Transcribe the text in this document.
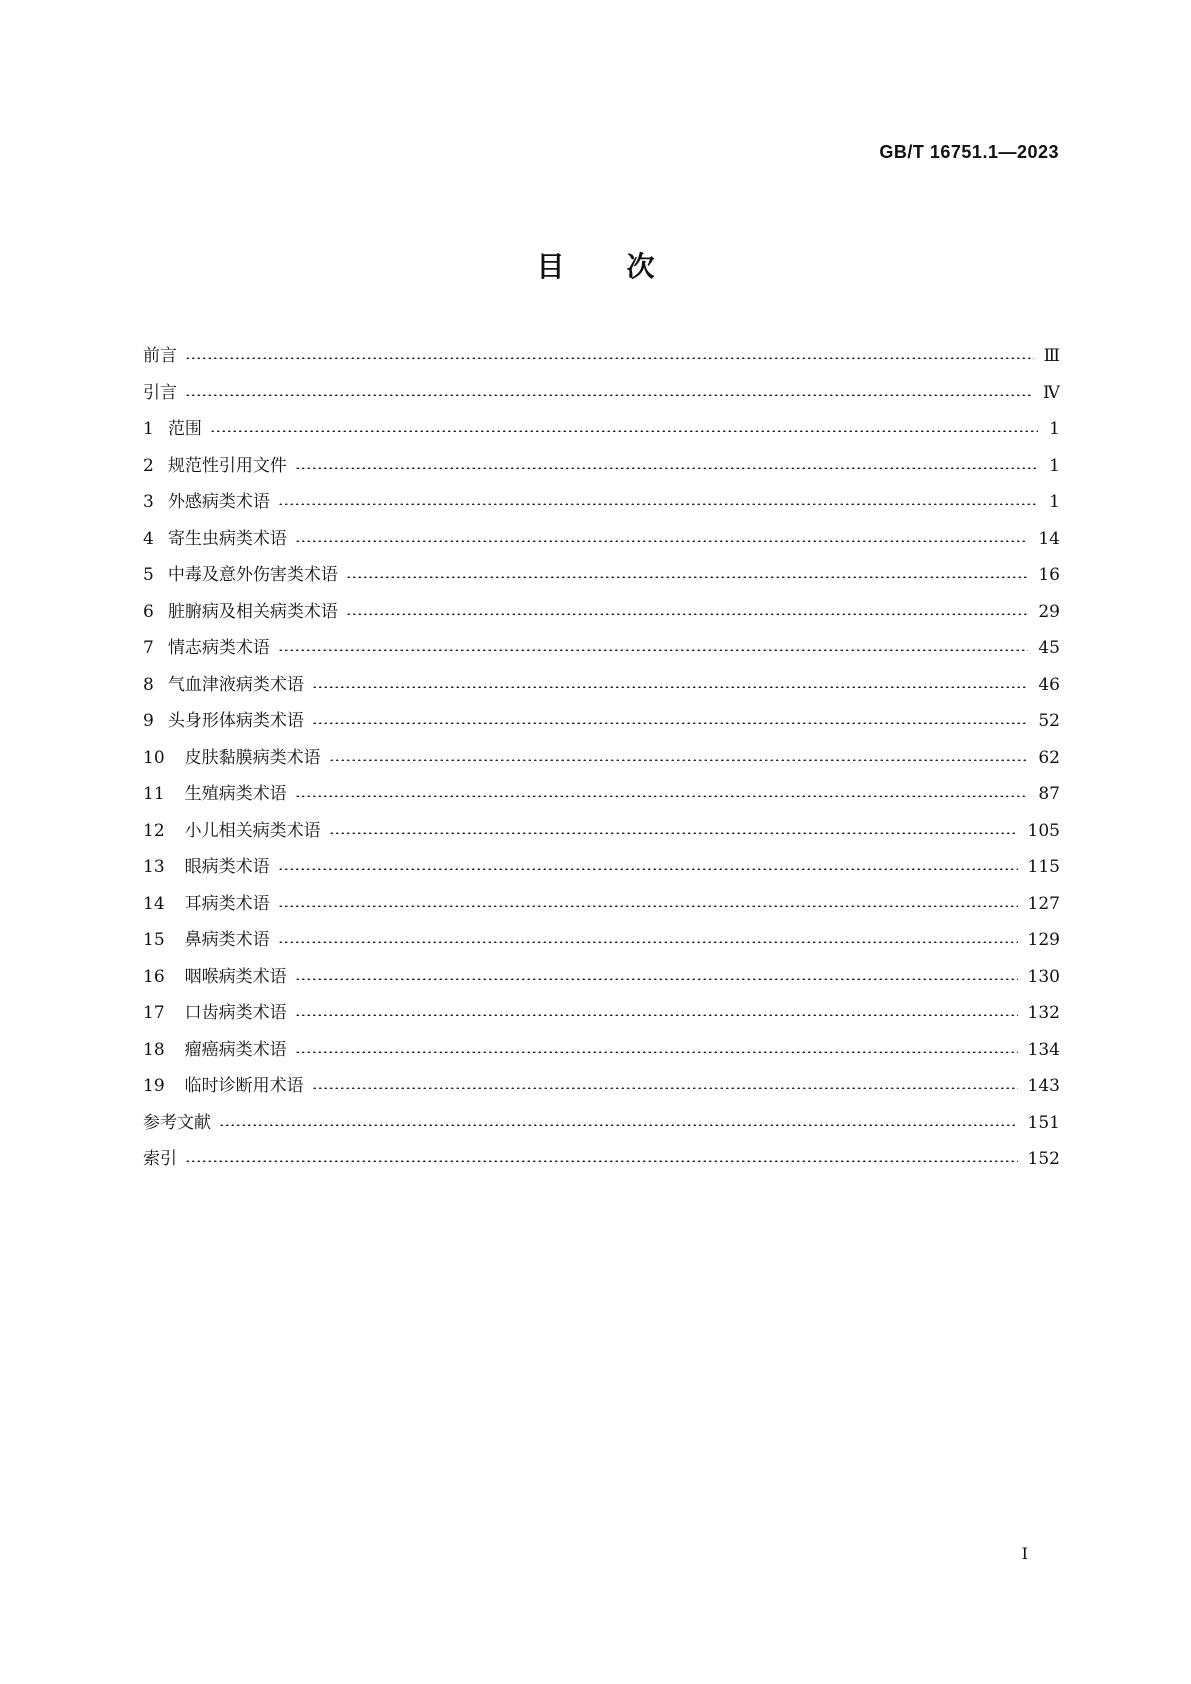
GB/T 16751.1—2023
目次
前言	Ⅲ
引言	Ⅳ
1 范围	1
2 规范性引用文件	1
3 外感病类术语	1
4 寄生虫病类术语	14
5 中毒及意外伤害类术语	16
6 脏腑病及相关病类术语	29
7 情志病类术语	45
8 气血津液病类术语	46
9 头身形体病类术语	52
10 皮肤黏膜病类术语	62
11 生殖病类术语	87
12 小儿相关病类术语	105
13 眼病类术语	115
14 耳病类术语	127
15 鼻病类术语	129
16 咽喉病类术语	130
17 口齿病类术语	132
18 瘤癌病类术语	134
19 临时诊断用术语	143
参考文献	151
索引	152
Ⅰ
